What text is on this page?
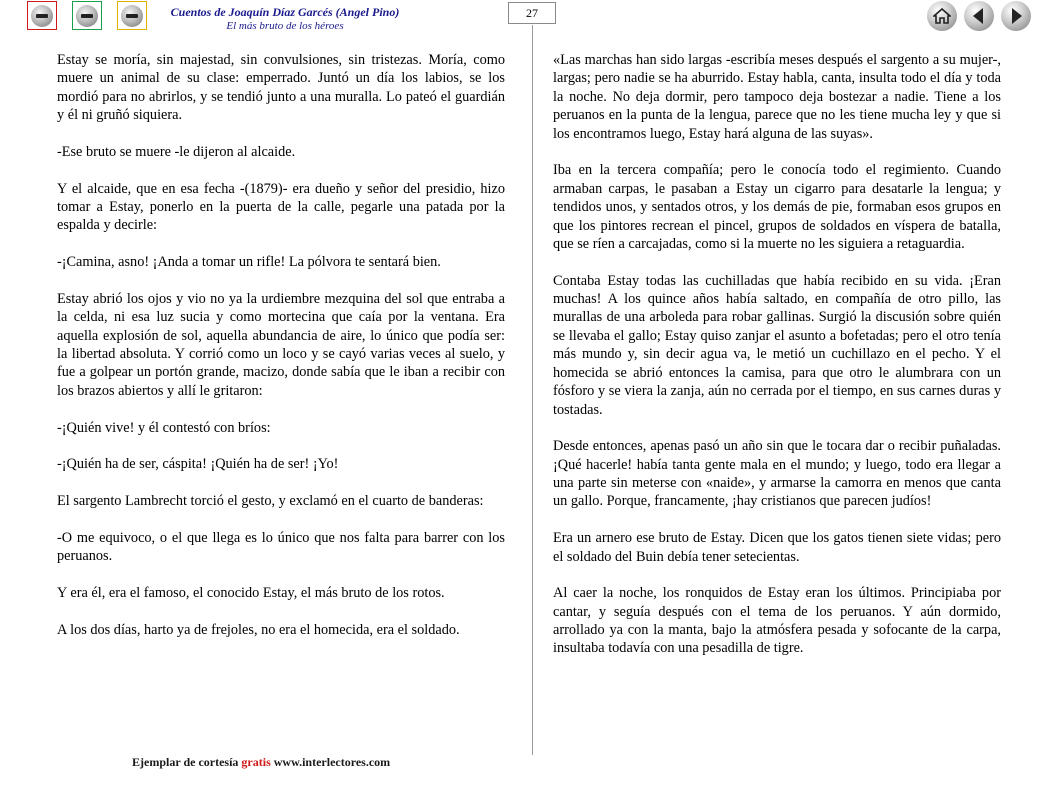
Cuentos de Joaquín Díaz Garcés (Angel Pino)
El más bruto de los héroes
27

Estay se moría, sin majestad, sin convulsiones, sin tristezas. Moría, como muere un animal de su clase: emperrado. Juntó un día los labios, se los mordió para no abrirlos, y se tendió junto a una muralla. Lo pateó el guardián y él ni gruñó siquiera.

-Ese bruto se muere -le dijeron al alcaide.

Y el alcaide, que en esa fecha -(1879)- era dueño y señor del presidio, hizo tomar a Estay, ponerlo en la puerta de la calle, pegarle una patada por la espalda y decirle:

-¡Camina, asno! ¡Anda a tomar un rifle! La pólvora te sentará bien.

Estay abrió los ojos y vio no ya la urdiembre mezquina del sol que entraba a la celda, ni esa luz sucia y como mortecina que caía por la ventana. Era aquella explosión de sol, aquella abundancia de aire, lo único que podía ser: la libertad absoluta. Y corrió como un loco y se cayó varias veces al suelo, y fue a golpear un portón grande, macizo, donde sabía que le iban a recibir con los brazos abiertos y allí le gritaron:

-¡Quién vive! y él contestó con bríos:

-¡Quién ha de ser, cáspita! ¡Quién ha de ser! ¡Yo!

El sargento Lambrecht torció el gesto, y exclamó en el cuarto de banderas:

-O me equivoco, o el que llega es lo único que nos falta para barrer con los peruanos.

Y era él, era el famoso, el conocido Estay, el más bruto de los rotos.

A los dos días, harto ya de frejoles, no era el homecida, era el soldado.

«Las marchas han sido largas -escribía meses después el sargento a su mujer-, largas; pero nadie se ha aburrido. Estay habla, canta, insulta todo el día y toda la noche. No deja dormir, pero tampoco deja bostezar a nadie. Tiene a los peruanos en la punta de la lengua, parece que no les tiene mucha ley y que si los encontramos luego, Estay hará alguna de las suyas».

Iba en la tercera compañía; pero le conocía todo el regimiento. Cuando armaban carpas, le pasaban a Estay un cigarro para desatarle la lengua; y tendidos unos, y sentados otros, y los demás de pie, formaban esos grupos en que los pintores recrean el pincel, grupos de soldados en víspera de batalla, que se ríen a carcajadas, como si la muerte no les siguiera a retaguardia.

Contaba Estay todas las cuchilladas que había recibido en su vida. ¡Eran muchas! A los quince años había saltado, en compañía de otro pillo, las murallas de una arboleda para robar gallinas. Surgió la discusión sobre quién se llevaba el gallo; Estay quiso zanjar el asunto a bofetadas; pero el otro tenía más mundo y, sin decir agua va, le metió un cuchillazo en el pecho. Y el homecida se abrió entonces la camisa, para que otro le alumbrara con un fósforo y se viera la zanja, aún no cerrada por el tiempo, en sus carnes duras y tostadas.

Desde entonces, apenas pasó un año sin que le tocara dar o recibir puñaladas. ¡Qué hacerle! había tanta gente mala en el mundo; y luego, todo era llegar a una parte sin meterse con «naide», y armarse la camorra en menos que canta un gallo. Porque, francamente, ¡hay cristianos que parecen judíos!

Era un arnero ese bruto de Estay. Dicen que los gatos tienen siete vidas; pero el soldado del Buin debía tener setecientas.

Al caer la noche, los ronquidos de Estay eran los últimos. Principiaba por cantar, y seguía después con el tema de los peruanos. Y aún dormido, arrollado ya con la manta, bajo la atmósfera pesada y sofocante de la carpa, insultaba todavía con una pesadilla de tigre.

Ejemplar de cortesía gratis www.interlectores.com
